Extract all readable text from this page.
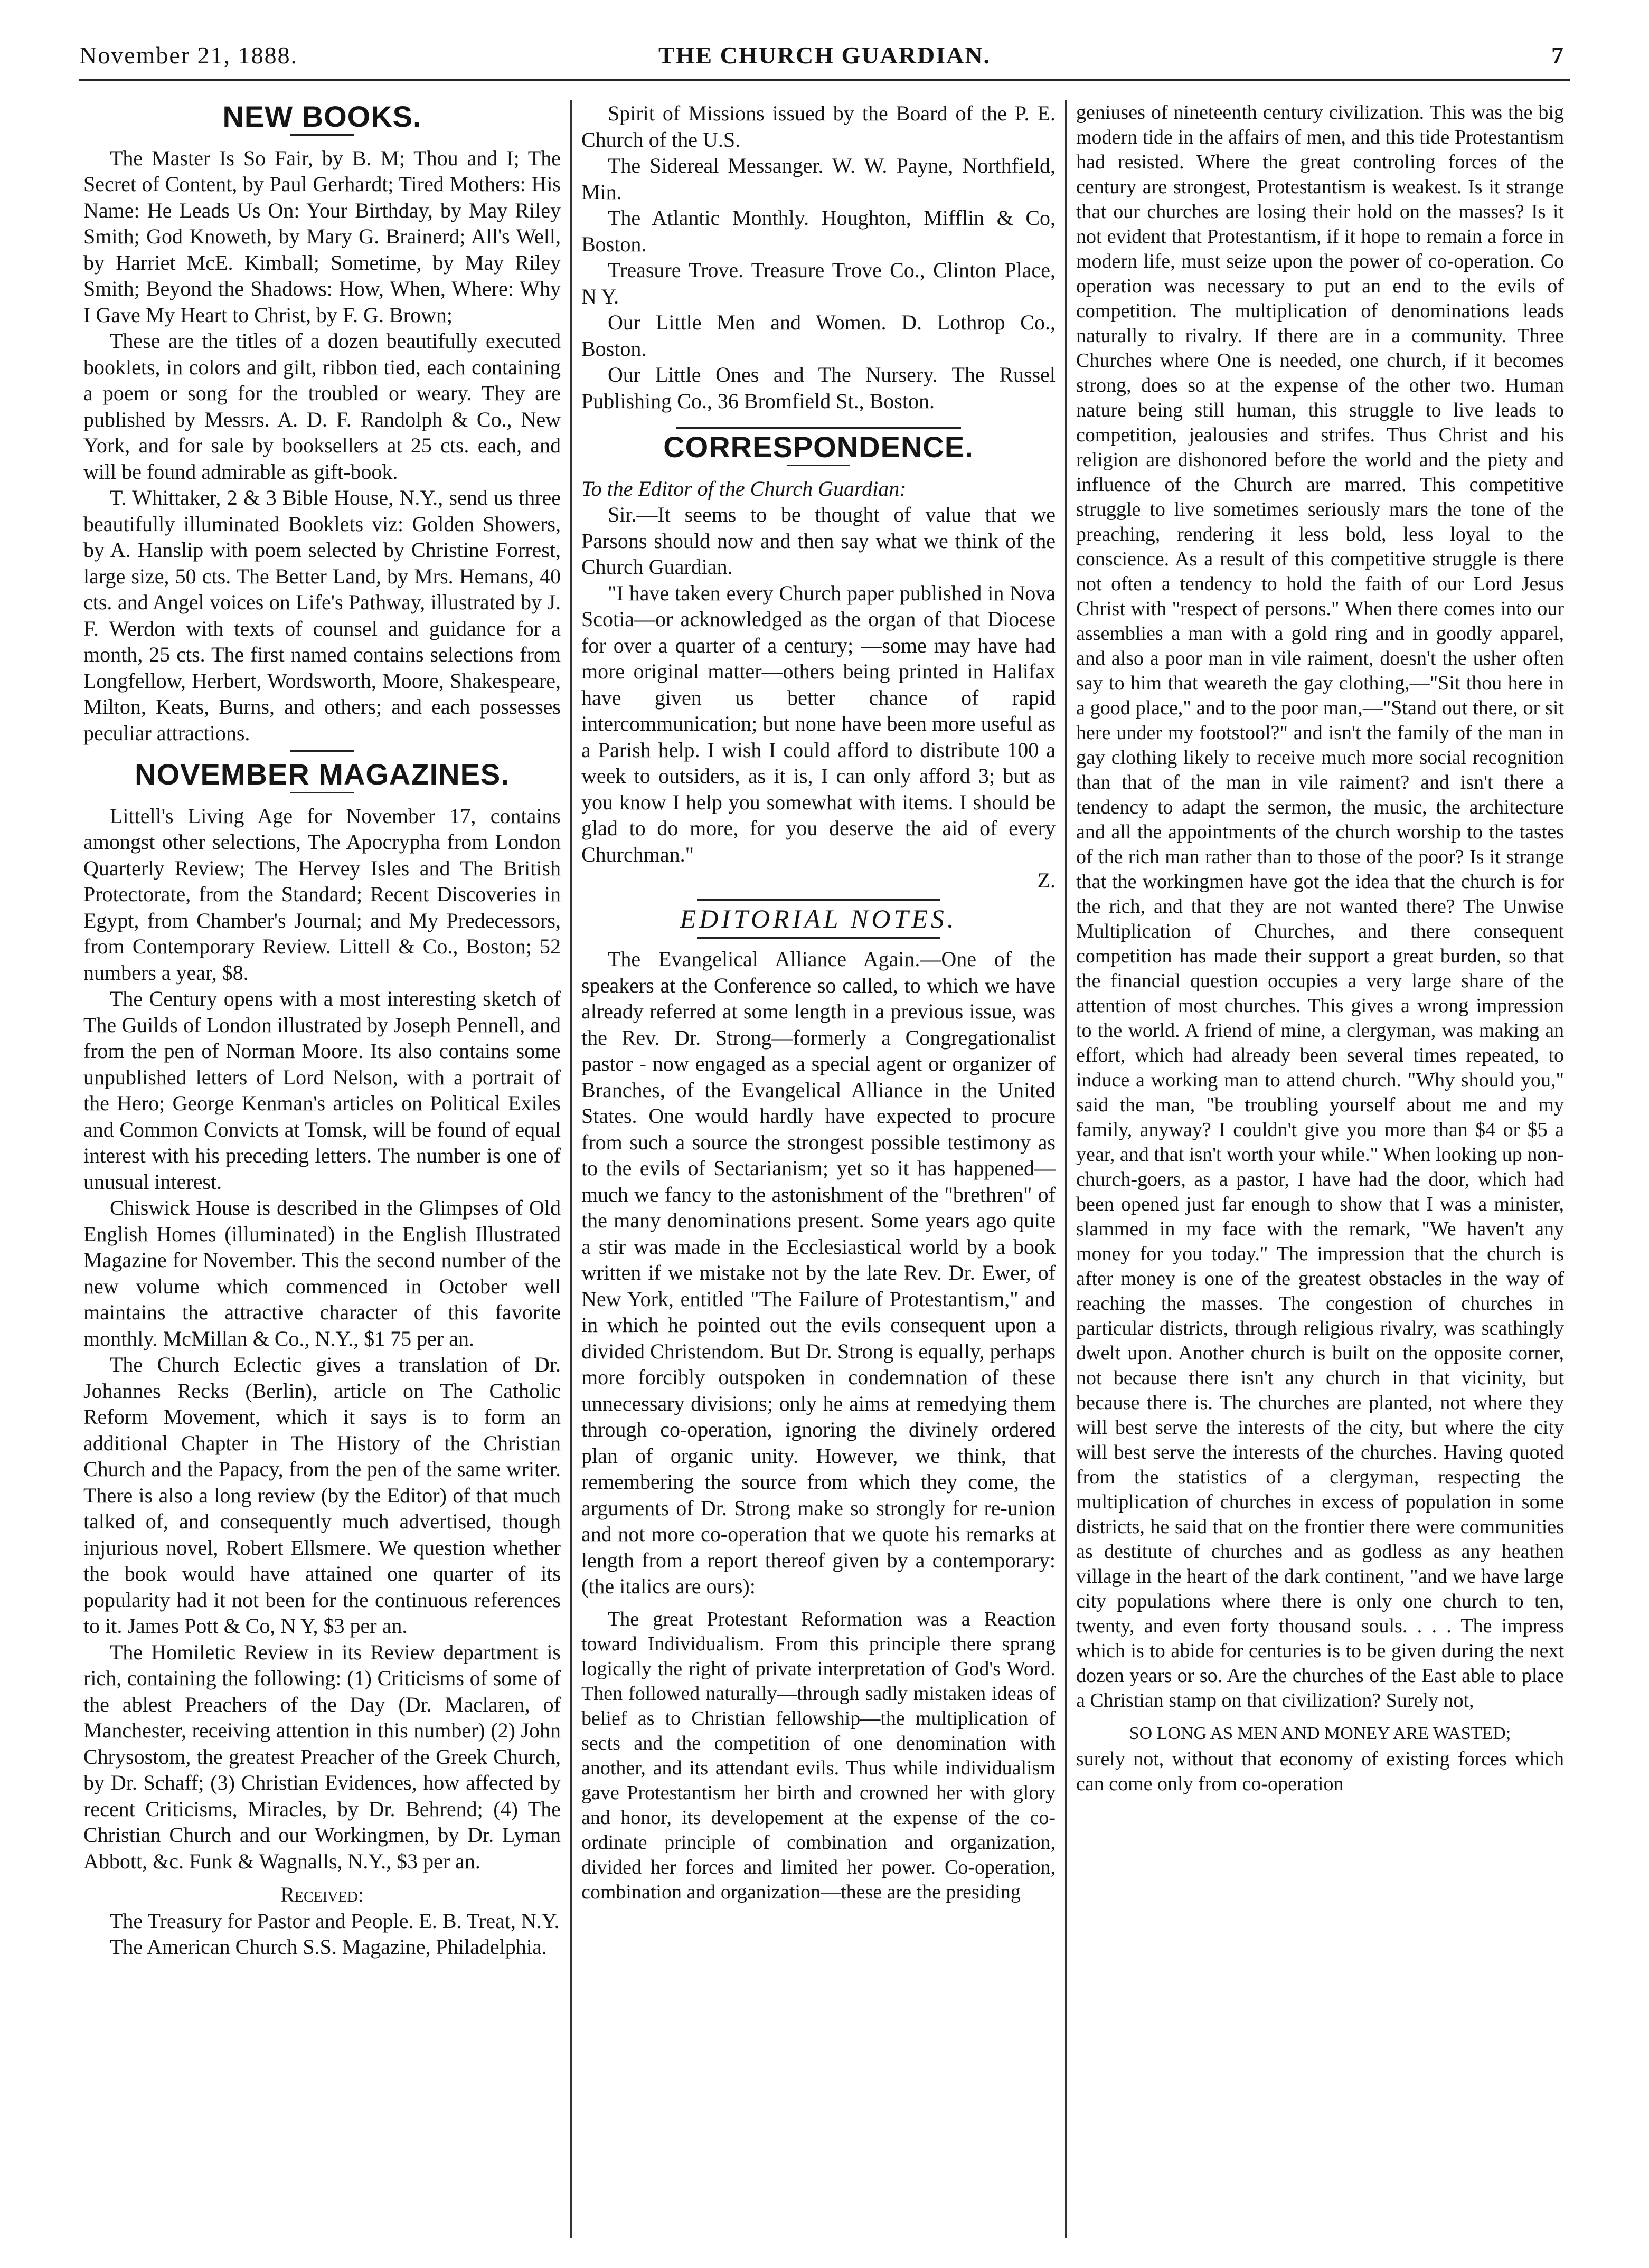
November 21, 1888.	THE CHURCH GUARDIAN.	7
NEW BOOKS.

The Master Is So Fair, by B. M; Thou and I; The Secret of Content, by Paul Gerhardt; Tired Mothers: His Name: He Leads Us On: Your Birthday, by May Riley Smith; God Knoweth, by Mary G. Brainerd; All's Well, by Harriet McE. Kimball; Sometime, by May Riley Smith; Beyond the Shadows: How, When, Where: Why I Gave My Heart to Christ, by F. G. Brown;

These are the titles of a dozen beautifully executed booklets, in colors and gilt, ribbon tied, each containing a poem or song for the troubled or weary. They are published by Messrs. A. D. F. Randolph & Co., New York, and for sale by booksellers at 25 cts. each, and will be found admirable as gift-book.

T. Whittaker, 2 & 3 Bible House, N.Y., send us three beautifully illuminated Booklets viz: Golden Showers, by A. Hanslip with poem selected by Christine Forrest, large size, 50 cts. The Better Land, by Mrs. Hemans, 40 cts. and Angel voices on Life's Pathway, illustrated by J. F. Werdon with texts of counsel and guidance for a month, 25 cts. The first named contains selections from Longfellow, Herbert, Wordsworth, Moore, Shakespeare, Milton, Keats, Burns, and others; and each possesses peculiar attractions.

NOVEMBER MAGAZINES.

Littell's Living Age for November 17, contains amongst other selections, The Apocrypha from London Quarterly Review; The Hervey Isles and The British Protectorate, from the Standard; Recent Discoveries in Egypt, from Chamber's Journal; and My Predecessors, from Contemporary Review. Littell & Co., Boston; 52 numbers a year, $8.

The Century opens with a most interesting sketch of The Guilds of London illustrated by Joseph Pennell, and from the pen of Norman Moore. Its also contains some unpublished letters of Lord Nelson, with a portrait of the Hero; George Kenman's articles on Political Exiles and Common Convicts at Tomsk, will be found of equal interest with his preceding letters. The number is one of unusual interest.

Chiswick House is described in the Glimpses of Old English Homes (illuminated) in the English Illustrated Magazine for November. This the second number of the new volume which commenced in October well maintains the attractive character of this favorite monthly. McMillan & Co., N.Y., $1 75 per an.

The Church Eclectic gives a translation of Dr. Johannes Recks (Berlin), article on The Catholic Reform Movement, which it says is to form an additional Chapter in The History of the Christian Church and the Papacy, from the pen of the same writer. There is also a long review (by the Editor) of that much talked of, and consequently much advertised, though injurious novel, Robert Ellsmere. We question whether the book would have attained one quarter of its popularity had it not been for the continuous references to it. James Pott & Co, N Y, $3 per an.

The Homiletic Review in its Review department is rich, containing the following: (1) Criticisms of some of the ablest Preachers of the Day (Dr. Maclaren, of Manchester, receiving attention in this number) (2) John Chrysostom, the greatest Preacher of the Greek Church, by Dr. Schaff; (3) Christian Evidences, how affected by recent Criticisms, Miracles, by Dr. Behrend; (4) The Christian Church and our Workingmen, by Dr. Lyman Abbott, &c. Funk & Wagnalls, N.Y., $3 per an.

Received:

The Treasury for Pastor and People. E. B. Treat, N.Y.

The American Church S.S. Magazine, Philadelphia.

Spirit of Missions issued by the Board of the P. E. Church of the U.S.

The Sidereal Messanger. W. W. Payne, Northfield, Min.

The Atlantic Monthly. Houghton, Mifflin & Co, Boston.

Treasure Trove. Treasure Trove Co., Clinton Place, N Y.

Our Little Men and Women. D. Lothrop Co., Boston.

Our Little Ones and The Nursery. The Russel Publishing Co., 36 Bromfield St., Boston.

CORRESPONDENCE.

To the Editor of the Church Guardian:

Sir.—It seems to be thought of value that we Parsons should now and then say what we think of the Church Guardian.

"I have taken every Church paper published in Nova Scotia—or acknowledged as the organ of that Diocese for over a quarter of a century; —some may have had more original matter—others being printed in Halifax have given us better chance of rapid intercommunication; but none have been more useful as a Parish help. I wish I could afford to distribute 100 a week to outsiders, as it is, I can only afford 3; but as you know I help you somewhat with items. I should be glad to do more, for you deserve the aid of every Churchman."

Z.

EDITORIAL NOTES.

The Evangelical Alliance Again.—One of the speakers at the Conference so called, to which we have already referred at some length in a previous issue, was the Rev. Dr. Strong—formerly a Congregationalist pastor - now engaged as a special agent or organizer of Branches, of the Evangelical Alliance in the United States. One would hardly have expected to procure from such a source the strongest possible testimony as to the evils of Sectarianism; yet so it has happened—much we fancy to the astonishment of the "brethren" of the many denominations present. Some years ago quite a stir was made in the Ecclesiastical world by a book written if we mistake not by the late Rev. Dr. Ewer, of New York, entitled "The Failure of Protestantism," and in which he pointed out the evils consequent upon a divided Christendom. But Dr. Strong is equally, perhaps more forcibly outspoken in condemnation of these unnecessary divisions; only he aims at remedying them through co-operation, ignoring the divinely ordered plan of organic unity. However, we think, that remembering the source from which they come, the arguments of Dr. Strong make so strongly for re-union and not more co-operation that we quote his remarks at length from a report thereof given by a contemporary: (the italics are ours):

The great Protestant Reformation was a Reaction toward Individualism. From this principle there sprang logically the right of private interpretation of God's Word. Then followed naturally—through sadly mistaken ideas of belief as to Christian fellowship—the multiplication of sects and the competition of one denomination with another, and its attendant evils. Thus while individualism gave Protestantism her birth and crowned her with glory and honor, its developement at the expense of the co-ordinate principle of combination and organization, divided her forces and limited her power. Co-operation, combination and organization—these are the presiding

geniuses of nineteenth century civilization. This was the big modern tide in the affairs of men, and this tide Protestantism had resisted. Where the great controling forces of the century are strongest, Protestantism is weakest. Is it strange that our churches are losing their hold on the masses? Is it not evident that Protestantism, if it hope to remain a force in modern life, must seize upon the power of co-operation. Co operation was necessary to put an end to the evils of competition. The multiplication of denominations leads naturally to rivalry. If there are in a community. Three Churches where One is needed, one church, if it becomes strong, does so at the expense of the other two. Human nature being still human, this struggle to live leads to competition, jealousies and strifes. Thus Christ and his religion are dishonored before the world and the piety and influence of the Church are marred. This competitive struggle to live sometimes seriously mars the tone of the preaching, rendering it less bold, less loyal to the conscience. As a result of this competitive struggle is there not often a tendency to hold the faith of our Lord Jesus Christ with "respect of persons." When there comes into our assemblies a man with a gold ring and in goodly apparel, and also a poor man in vile raiment, doesn't the usher often say to him that weareth the gay clothing,—"Sit thou here in a good place," and to the poor man,—"Stand out there, or sit here under my footstool?" and isn't the family of the man in gay clothing likely to receive much more social recognition than that of the man in vile raiment? and isn't there a tendency to adapt the sermon, the music, the architecture and all the appointments of the church worship to the tastes of the rich man rather than to those of the poor? Is it strange that the workingmen have got the idea that the church is for the rich, and that they are not wanted there? The Unwise Multiplication of Churches, and there consequent competition has made their support a great burden, so that the financial question occupies a very large share of the attention of most churches. This gives a wrong impression to the world. A friend of mine, a clergyman, was making an effort, which had already been several times repeated, to induce a working man to attend church. "Why should you," said the man, "be troubling yourself about me and my family, anyway? I couldn't give you more than $4 or $5 a year, and that isn't worth your while." When looking up non-church-goers, as a pastor, I have had the door, which had been opened just far enough to show that I was a minister, slammed in my face with the remark, "We haven't any money for you today." The impression that the church is after money is one of the greatest obstacles in the way of reaching the masses. The congestion of churches in particular districts, through religious rivalry, was scathingly dwelt upon. Another church is built on the opposite corner, not because there isn't any church in that vicinity, but because there is. The churches are planted, not where they will best serve the interests of the city, but where the city will best serve the interests of the churches. Having quoted from the statistics of a clergyman, respecting the multiplication of churches in excess of population in some districts, he said that on the frontier there were communities as destitute of churches and as godless as any heathen village in the heart of the dark continent, "and we have large city populations where there is only one church to ten, twenty, and even forty thousand souls. . . . The impress which is to abide for centuries is to be given during the next dozen years or so. Are the churches of the East able to place a Christian stamp on that civilization? Surely not,

SO LONG AS MEN AND MONEY ARE WASTED;

surely not, without that economy of existing forces which can come only from co-operation
